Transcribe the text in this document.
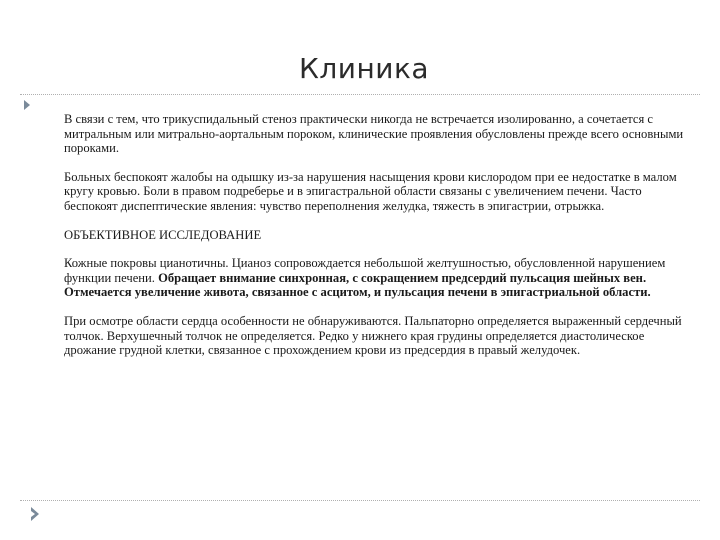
Клиника

В связи с тем, что трикуспидальный стеноз практически никогда не встречается изолированно, а сочетается с митральным или митрально-аортальным пороком, клинические проявления обусловлены прежде всего основными пороками.

Больных беспокоят жалобы на одышку из-за нарушения насыщения крови кислородом при ее недостатке в малом кругу кровью. Боли в правом подреберье и в эпигастральной области связаны с увеличением печени. Часто беспокоят диспептические явления: чувство переполнения желудка, тяжесть в эпигастрии, отрыжка.

ОБЪЕКТИВНОЕ ИССЛЕДОВАНИЕ

Кожные покровы цианотичны. Цианоз сопровождается небольшой желтушностью, обусловленной нарушением функции печени. Обращает внимание синхронная, с сокращением предсердий пульсация шейных вен. Отмечается увеличение живота, связанное с асцитом, и пульсация печени в эпигастриальной области.

При осмотре области сердца особенности не обнаруживаются. Пальпаторно определяется выраженный сердечный толчок. Верхушечный толчок не определяется. Редко у нижнего края грудины определяется диастолическое дрожание грудной клетки, связанное с прохождением крови из предсердия в правый желудочек.
